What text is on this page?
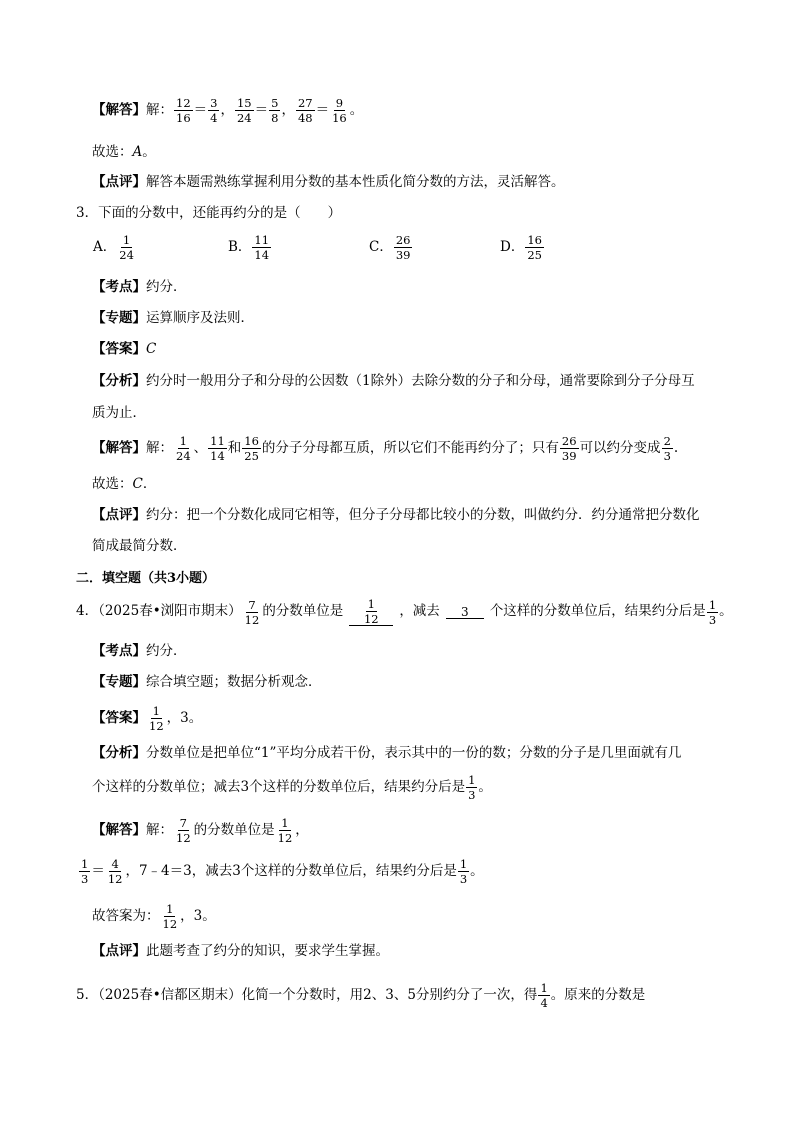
【解答】 解： $\frac{12}{16} = \frac{3}{4}$ ， $\frac{15}{24} = \frac{5}{8}$ ， $\frac{27}{48} = \frac{9}{16}$ 。
故选： A 。
【点评】 解答本题需熟练掌握利用分数的基本性质化简分数的方法，灵活解答。
3．下面的分数中，还能再约分的是（　　）
A． $\frac{1}{24}$	B． $\frac{11}{14}$	C． $\frac{26}{39}$	D． $\frac{16}{25}$
【考点】 约分．
【专题】 运算顺序及法则．
【答案】 C
【分析】 约分时一般用分子和分母的公因数（1除外）去除分数的分子和分母，通常要除到分子分母互
质为止．
【解答】 解： $\frac{1}{24}$ 、 $\frac{11}{14}$ 和 $\frac{16}{25}$ 的分子分母都互质，所以它们不能再约分了；只有 $\frac{26}{39}$ 可以约分变成 $\frac{2}{3}$ .
故选： C ．
【点评】 约分：把一个分数化成同它相等，但分子分母都比较小的分数，叫做约分．约分通常把分数化
简成最简分数．
二．填空题（共3小题）
4．（2025春•浏阳市期末） $\frac{7}{12}$ 的分数单位是 $\frac{1}{12}$ ，减去	3	个这样的分数单位后，结果约分后是 $\frac{1}{3}$ 。
【考点】 约分．
【专题】 综合填空题；数据分析观念．
【答案】 $\frac{1}{12}$ ，3。
【分析】 分数单位是把单位“1”平均分成若干份，表示其中的一份的数；分数的分子是几里面就有几
个这样的分数单位；减去3个这样的分数单位后，结果约分后是 $\frac{1}{3}$ 。
【解答】 解： $\frac{7}{12}$ 的分数单位是 $\frac{1}{12}$ ，
$\frac{1}{3} = \frac{4}{12}$ ，7﹣4＝3，减去3个这样的分数单位后，结果约分后是 $\frac{1}{3}$ 。
故答案为： $\frac{1}{12}$ ，3。
【点评】 此题考查了约分的知识，要求学生掌握。
5．（2025春•信都区期末）化简一个分数时，用2、3、5分别约分了一次，得 $\frac{1}{4}$ 。原来的分数是
